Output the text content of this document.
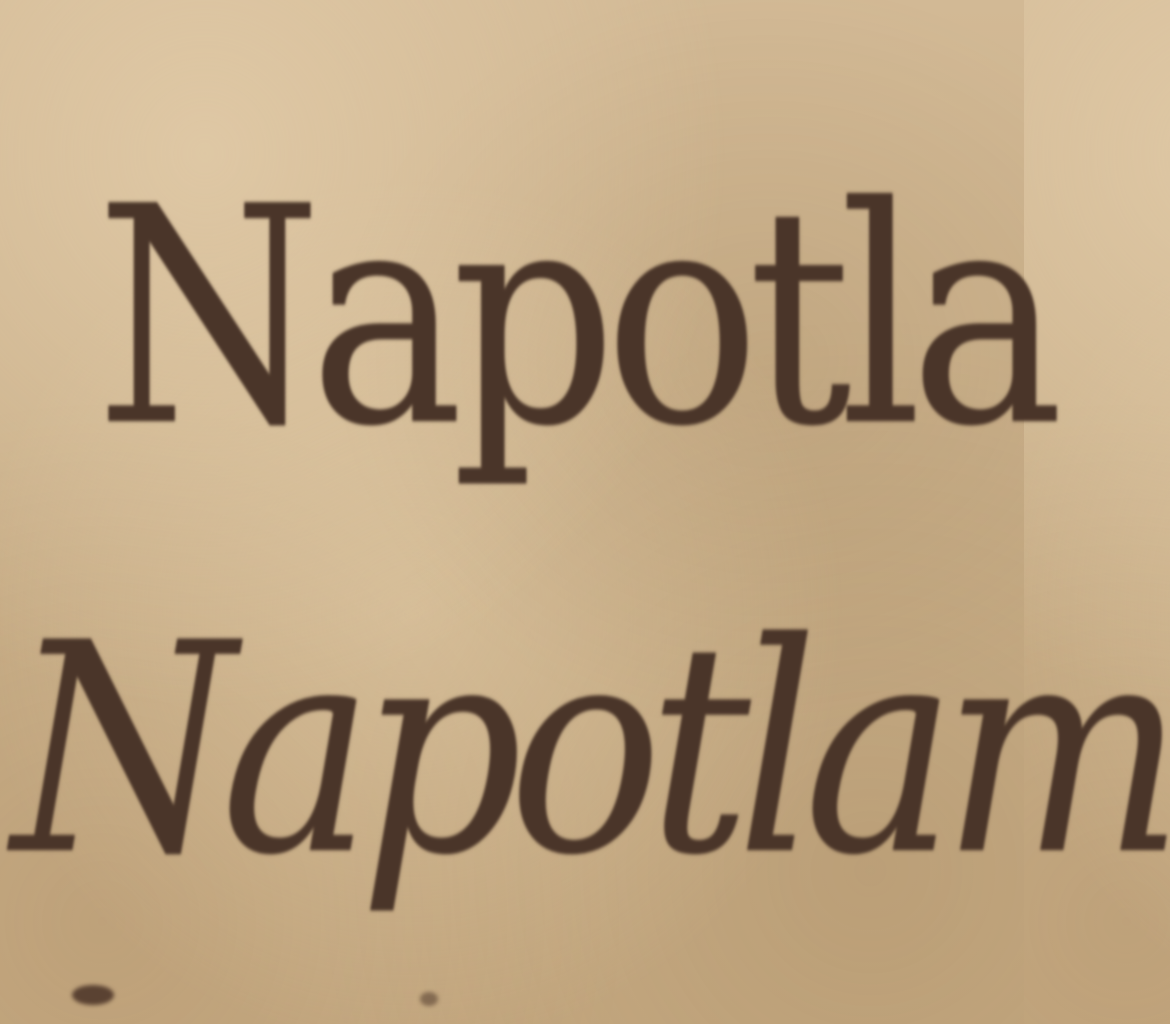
Napotla

Napotlam
